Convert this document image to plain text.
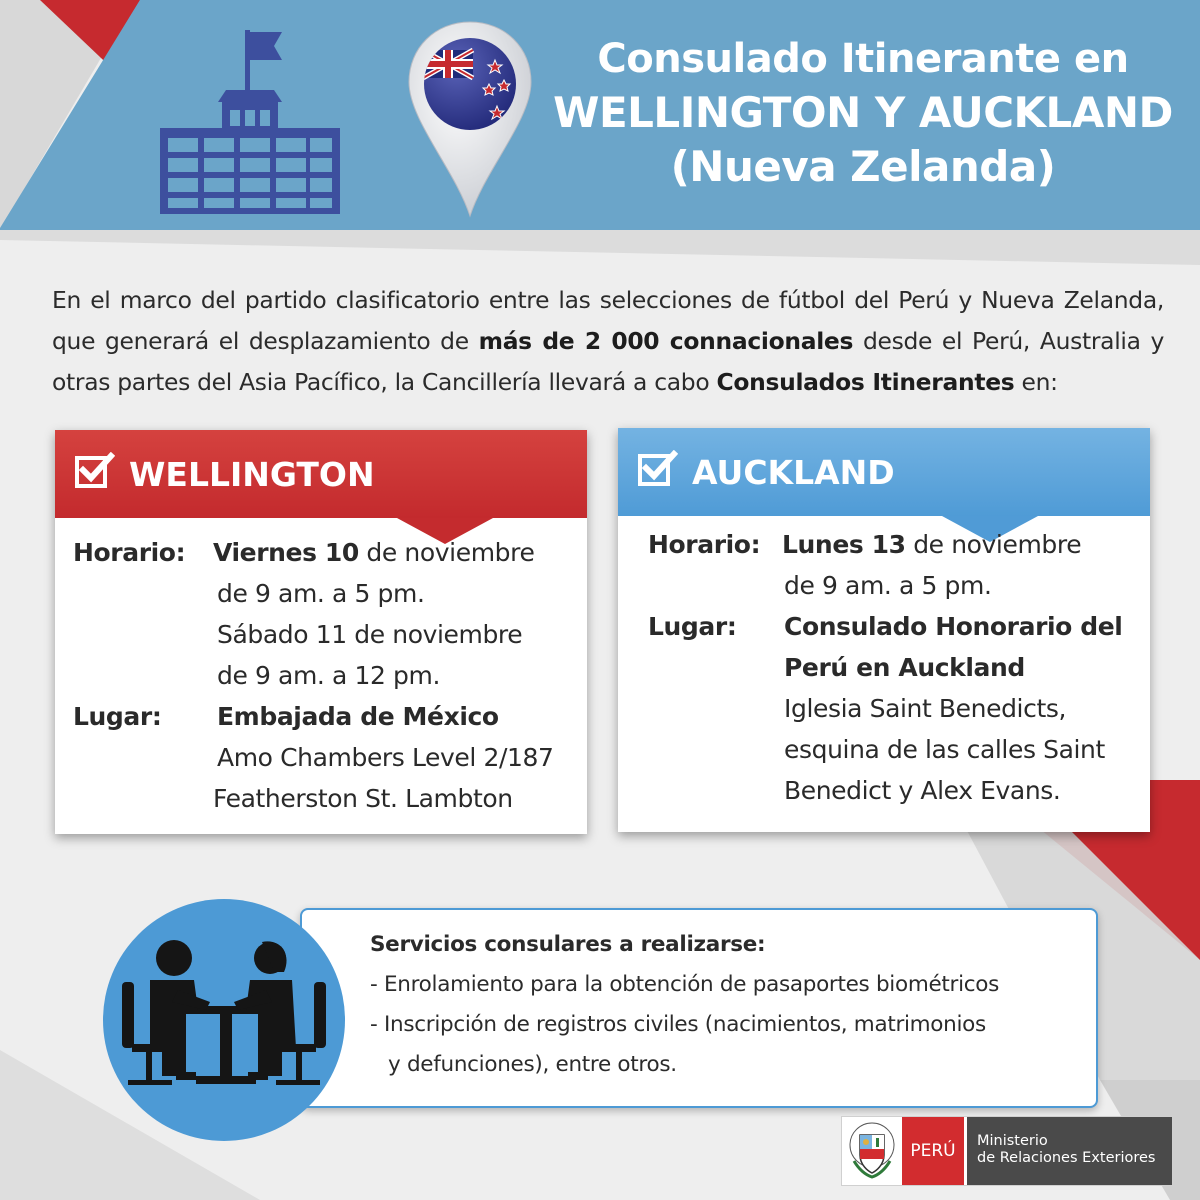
Consulado Itinerante en
WELLINGTON Y AUCKLAND
(Nueva Zelanda)

En el marco del partido clasificatorio entre las selecciones de fútbol del Perú y Nueva Zelanda, que generará el desplazamiento de más de 2 000 connacionales desde el Perú, Australia y otras partes del Asia Pacífico, la Cancillería llevará a cabo Consulados Itinerantes en:

WELLINGTON
Horario: Viernes 10 de noviembre
de 9 am. a 5 pm.
Sábado 11 de noviembre
de 9 am. a 12 pm.
Lugar: Embajada de México
Amo Chambers Level 2/187
Featherston St. Lambton
AUCKLAND
Horario: Lunes 13 de noviembre
de 9 am. a 5 pm.
Lugar: Consulado Honorario del
Perú en Auckland
Iglesia Saint Benedicts,
esquina de las calles Saint
Benedict y Alex Evans.
Servicios consulares a realizarse:
- Enrolamiento para la obtención de pasaportes biométricos
- Inscripción de registros civiles (nacimientos, matrimonios
y defunciones), entre otros.
PERÚ	Ministerio
de Relaciones Exteriores
